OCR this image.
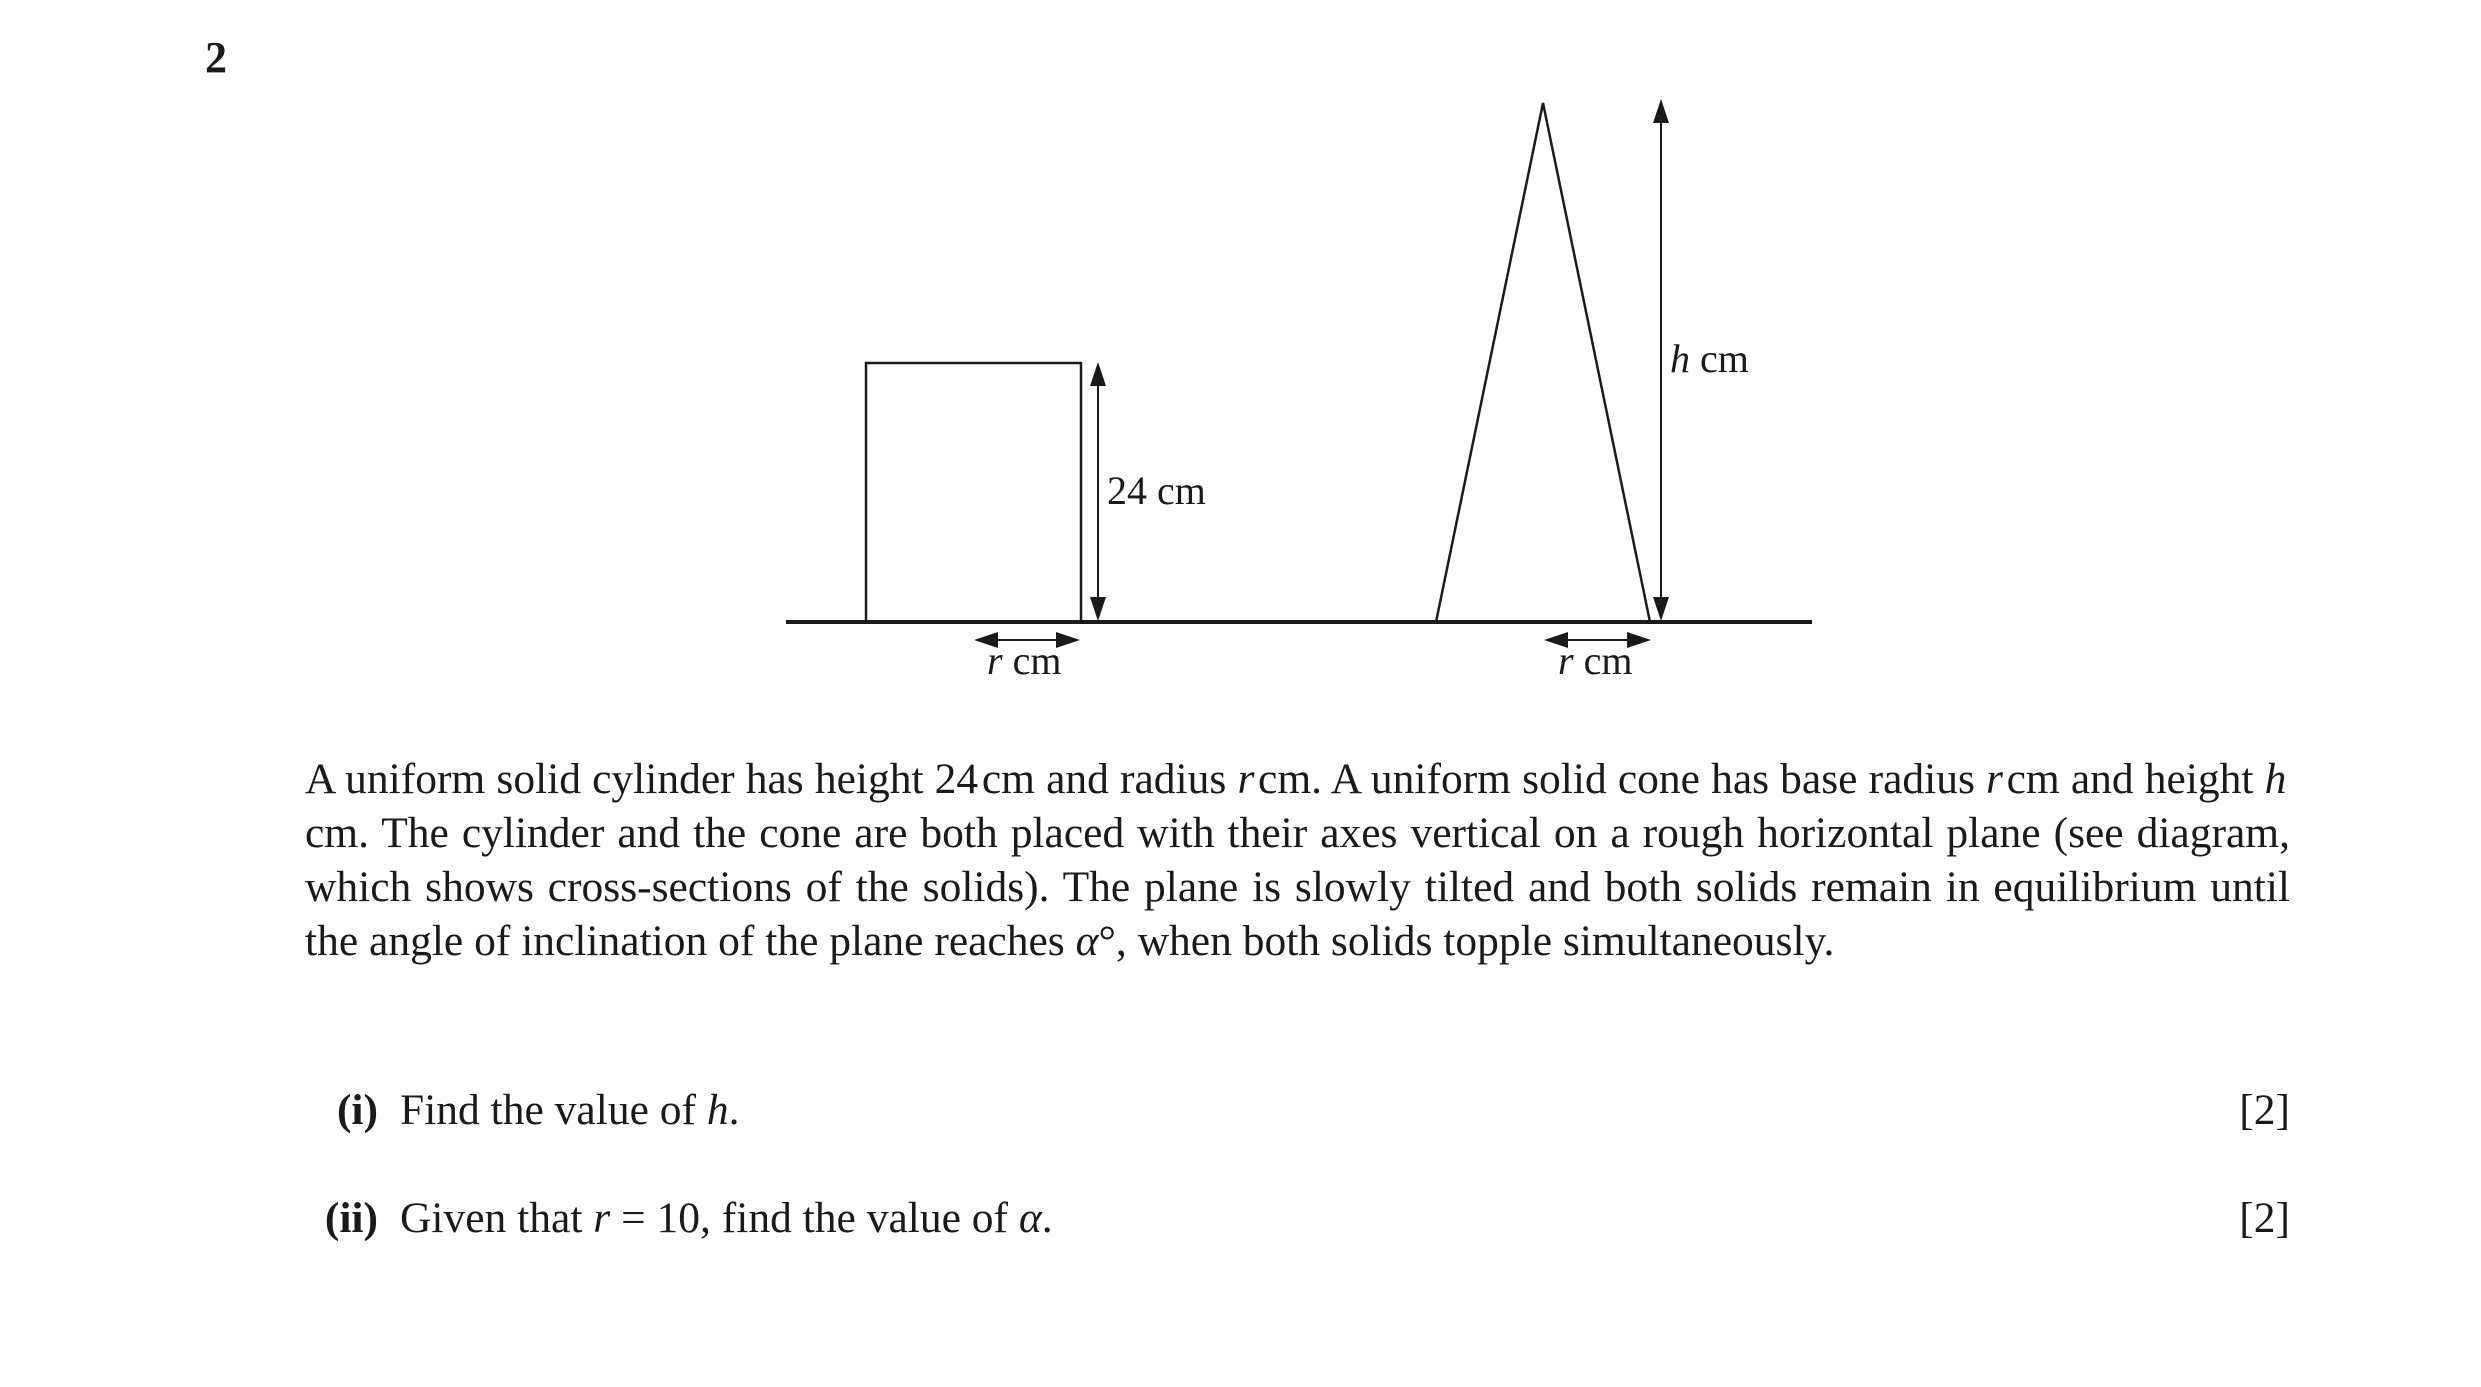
2
24 cm
r cm
h cm
r cm
A uniform solid cylinder has height 24 cm and radius r cm. A uniform solid cone has base radius r cm and height h cm. The cylinder and the cone are both placed with their axes vertical on a rough horizontal plane (see diagram, which shows cross-sections of the solids). The plane is slowly tilted and both solids remain in equilibrium until the angle of inclination of the plane reaches α°, when both solids topple simultaneously.
(i) Find the value of h.	[2]
(ii) Given that r = 10, find the value of α.	[2]
